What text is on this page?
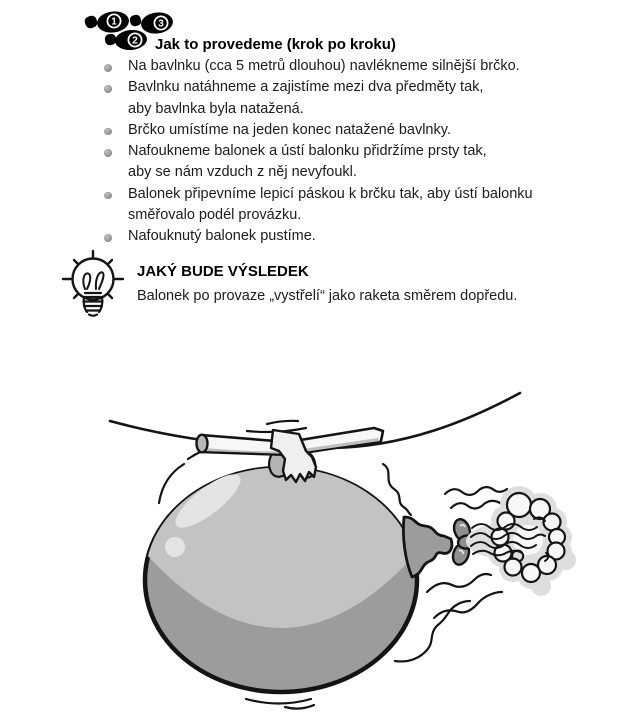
1	3
2 Jak to provedeme (krok po kroku)
Na bavlnku (cca 5 metrů dlouhou) navlékneme silnější brčko.
Bavlnku natáhneme a zajistíme mezi dva předměty tak,
aby bavlnka byla natažená.
Brčko umístíme na jeden konec natažené bavlnky.
Nafoukneme balonek a ústí balonku přidržíme prsty tak,
aby se nám vzduch z něj nevyfoukl.
Balonek připevníme lepicí páskou k brčku tak, aby ústí balonku
směřovalo podél provázku.
Nafouknutý balonek pustíme.
JAKÝ BUDE VÝSLEDEK
Balonek po provaze „vystřelí“ jako raketa směrem dopředu.
